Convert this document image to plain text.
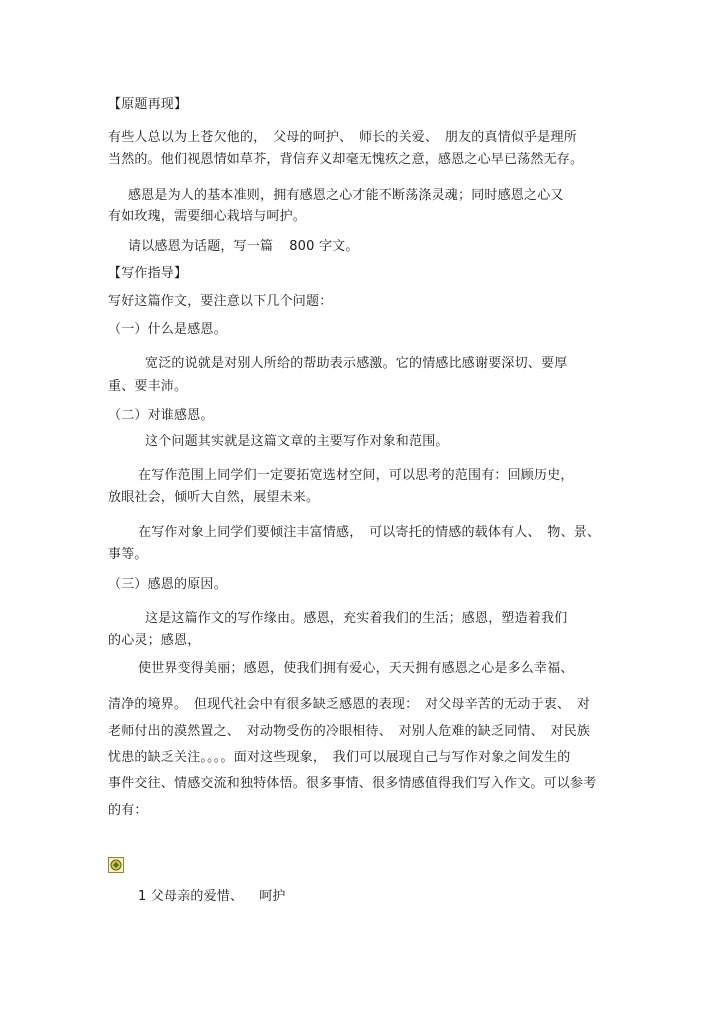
【原题再现】

有些人总以为上苍欠他的，　父母的呵护、　师长的关爱、　朋友的真情似乎是理所

当然的。他们视恩情如草芥，背信弃义却毫无愧疚之意，感恩之心早已荡然无存。

感恩是为人的基本准则，拥有感恩之心才能不断荡涤灵魂；同时感恩之心又

有如玫瑰，需要细心栽培与呵护。

请以感恩为话题，写一篇 800 字文。

【写作指导】

写好这篇作文，要注意以下几个问题：

（一）什么是感恩。

宽泛的说就是对别人所给的帮助表示感激。它的情感比感谢要深切、要厚

重、要丰沛。

（二）对谁感恩。

这个问题其实就是这篇文章的主要写作对象和范围。

在写作范围上同学们一定要拓宽选材空间，可以思考的范围有：回顾历史，

放眼社会，倾听大自然，展望未来。

在写作对象上同学们要倾注丰富情感，　可以寄托的情感的载体有人、　物、景、

事等。

（三）感恩的原因。

这是这篇作文的写作缘由。感恩，充实着我们的生活；感恩，塑造着我们

的心灵；感恩，

使世界变得美丽；感恩，使我们拥有爱心，天天拥有感恩之心是多么幸福、

清净的境界。　但现代社会中有很多缺乏感恩的表现：　对父母辛苦的无动于衷、　对

老师付出的漠然置之、　对动物受伤的冷眼相待、　对别人危难的缺乏同情、　对民族

忧患的缺乏关注。。。。面对这些现象，　我们可以展现自己与写作对象之间发生的

事件交往、情感交流和独特体悟。很多事情、很多情感值得我们写入作文。可以参考

的有：

1 父母亲的爱惜、 呵护
